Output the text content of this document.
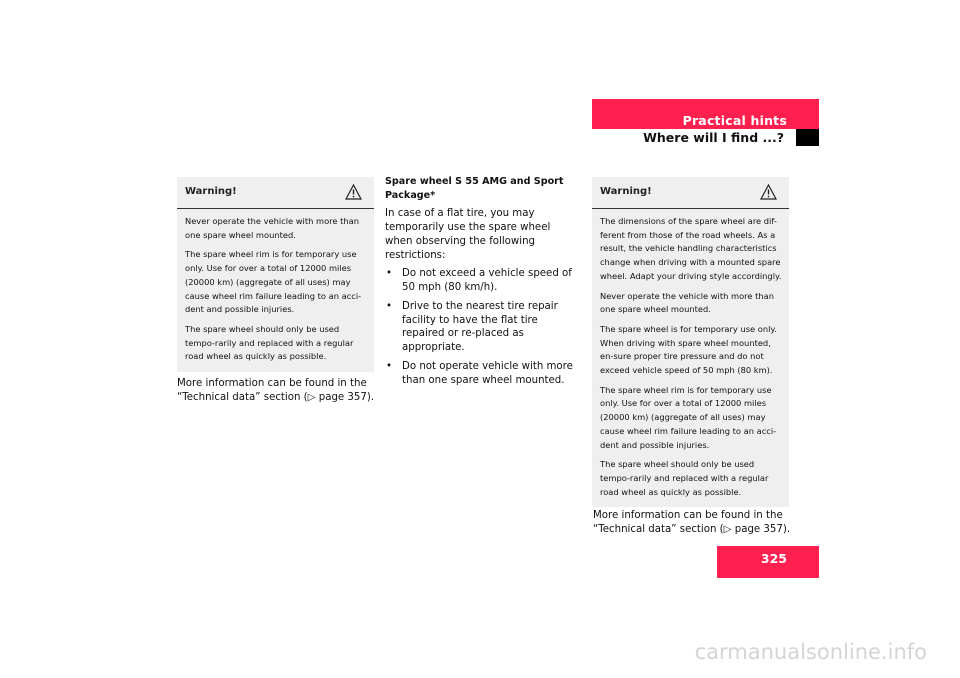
Practical hints
Where will I find ...?
Warning!

Never operate the vehicle with more than one spare wheel mounted.

The spare wheel rim is for temporary use only. Use for over a total of 12000 miles (20000 km) (aggregate of all uses) may cause wheel rim failure leading to an acci-dent and possible injuries.

The spare wheel should only be used tempo-rarily and replaced with a regular road wheel as quickly as possible.

More information can be found in the “Technical data” section (▷ page 357).

Spare wheel S 55 AMG and Sport Package*

In case of a flat tire, you may temporarily use the spare wheel when observing the following restrictions:

• Do not exceed a vehicle speed of 50 mph (80 km/h).
• Drive to the nearest tire repair facility to have the flat tire repaired or re-placed as appropriate.
• Do not operate vehicle with more than one spare wheel mounted.
Warning!

The dimensions of the spare wheel are dif-ferent from those of the road wheels. As a result, the vehicle handling characteristics change when driving with a mounted spare wheel. Adapt your driving style accordingly.

Never operate the vehicle with more than one spare wheel mounted.

The spare wheel is for temporary use only. When driving with spare wheel mounted, en-sure proper tire pressure and do not exceed vehicle speed of 50 mph (80 km).

The spare wheel rim is for temporary use only. Use for over a total of 12000 miles (20000 km) (aggregate of all uses) may cause wheel rim failure leading to an acci-dent and possible injuries.

The spare wheel should only be used tempo-rarily and replaced with a regular road wheel as quickly as possible.

More information can be found in the “Technical data” section (▷ page 357).

325
carmanualsonline.info
